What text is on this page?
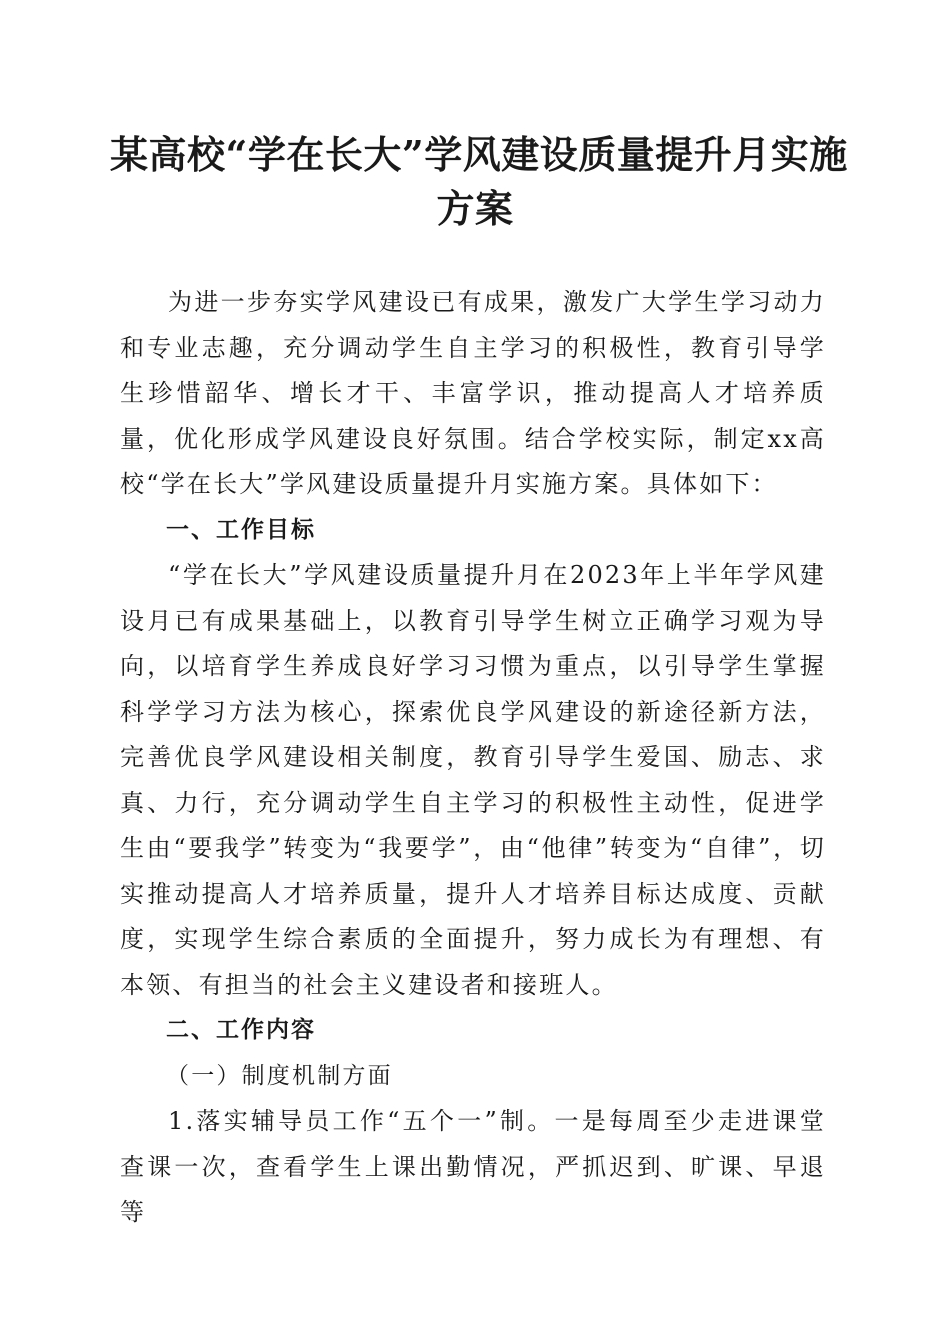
某高校“学在长大”学风建设质量提升月实施
方案

为进一步夯实学风建设已有成果，激发广大学生学习动力和专业志趣，充分调动学生自主学习的积极性，教育引导学生珍惜韶华、增长才干、丰富学识，推动提高人才培养质量，优化形成学风建设良好氛围。结合学校实际，制定xx高校“学在长大”学风建设质量提升月实施方案。具体如下：

一、工作目标

“学在长大”学风建设质量提升月在2023年上半年学风建设月已有成果基础上，以教育引导学生树立正确学习观为导向，以培育学生养成良好学习习惯为重点，以引导学生掌握科学学习方法为核心，探索优良学风建设的新途径新方法，完善优良学风建设相关制度，教育引导学生爱国、励志、求真、力行，充分调动学生自主学习的积极性主动性，促进学生由“要我学”转变为“我要学”，由“他律”转变为“自律”，切实推动提高人才培养质量，提升人才培养目标达成度、贡献度，实现学生综合素质的全面提升，努力成长为有理想、有本领、有担当的社会主义建设者和接班人。

二、工作内容

（一）制度机制方面

1.落实辅导员工作“五个一”制。一是每周至少走进课堂查课一次，查看学生上课出勤情况，严抓迟到、旷课、早退等
